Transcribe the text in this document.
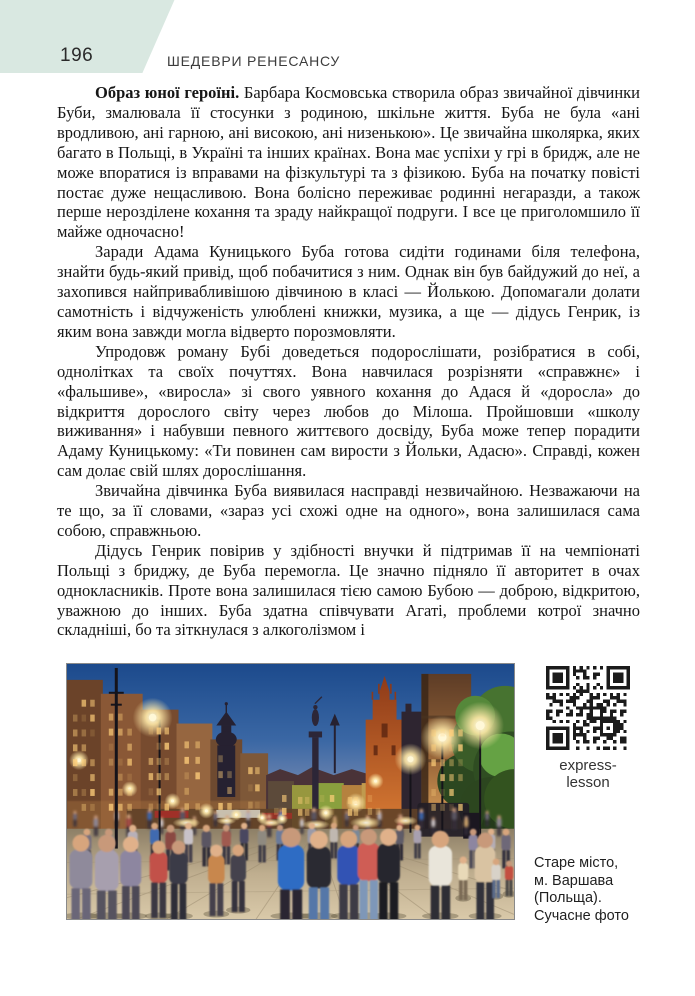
196	ШЕДЕВРИ РЕНЕСАНСУ

Образ юної героїні. Барбара Космовська створила образ звичайної дівчинки Буби, змалювала її стосунки з родиною, шкільне життя. Буба не була «ані вродливою, ані гарною, ані високою, ані низенькою». Це звичайна школярка, яких багато в Польщі, в Україні та інших країнах. Вона має успіхи у грі в бридж, але не може впоратися із вправами на фізкультурі та з фізикою. Буба на початку повісті постає дуже нещасливою. Вона болісно переживає родинні негаразди, а також перше нерозділене кохання та зраду найкращої подруги. І все це приголомшило її майже одночасно!

Заради Адама Куницького Буба готова сидіти годинами біля телефона, знайти будь-який привід, щоб побачитися з ним. Однак він був байдужий до неї, а захопився найпривабливішою дівчиною в класі — Йолькою. Допомагали долати самотність і відчуженість улюблені книжки, музика, а ще — дідусь Генрик, із яким вона завжди могла відверто порозмовляти.

Упродовж роману Бубі доведеться подорослішати, розібратися в собі, однолітках та своїх почуттях. Вона навчилася розрізняти «справжнє» і «фальшиве», «виросла» зі свого уявного кохання до Адася й «доросла» до відкриття дорослого світу через любов до Мілоша. Пройшовши «школу виживання» і набувши певного життєвого досвіду, Буба може тепер порадити Адаму Куницькому: «Ти повинен сам вирости з Йольки, Адасю». Справді, кожен сам долає свій шлях дорослішання.

Звичайна дівчинка Буба виявилася насправді незвичайною. Незважаючи на те що, за її словами, «зараз усі схожі одне на одного», вона залишилася сама собою, справжньою.

Дідусь Генрик повірив у здібності внучки й підтримав її на чемпіонаті Польщі з бриджу, де Буба перемогла. Це значно підняло її авторитет в очах однокласників. Проте вона залишилася тією самою Бубою — доброю, відкритою, уважною до інших. Буба здатна співчувати Агаті, проблеми котрої значно складніші, бо та зіткнулася з алкоголізмом і

express-
lesson
Старе місто,
м. Варшава
(Польща).
Сучасне фото
